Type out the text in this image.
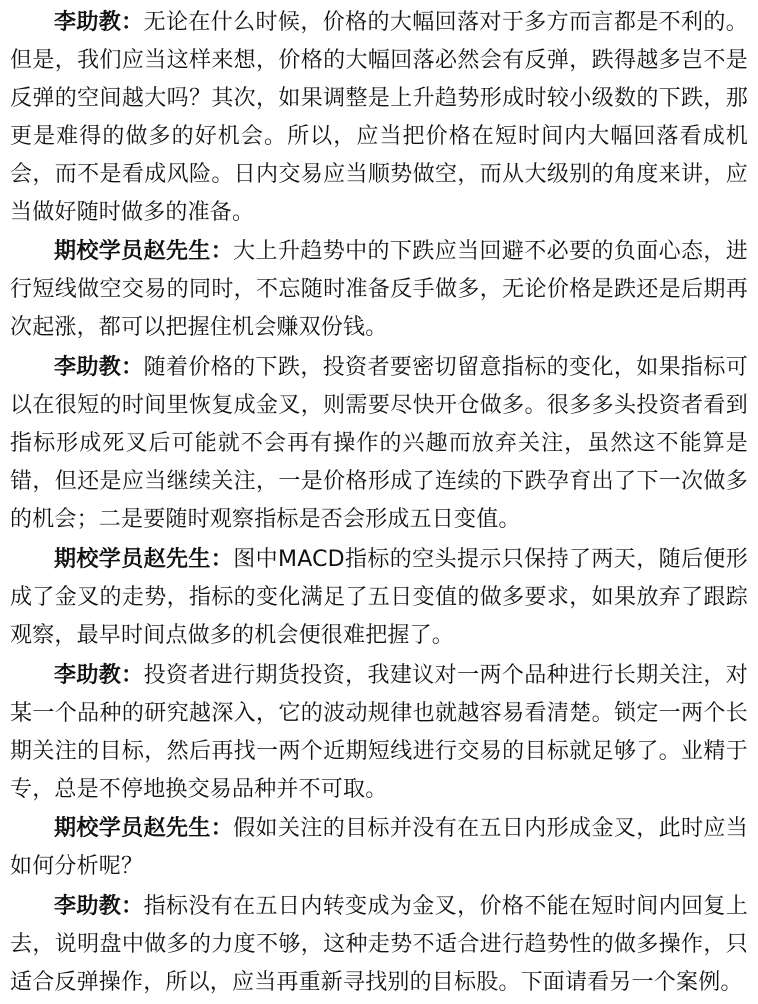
李助教：无论在什么时候，价格的大幅回落对于多方而言都是不利的。但是，我们应当这样来想，价格的大幅回落必然会有反弹，跌得越多岂不是反弹的空间越大吗？其次，如果调整是上升趋势形成时较小级数的下跌，那更是难得的做多的好机会。所以，应当把价格在短时间内大幅回落看成机会，而不是看成风险。日内交易应当顺势做空，而从大级别的角度来讲，应当做好随时做多的准备。

期校学员赵先生：大上升趋势中的下跌应当回避不必要的负面心态，进行短线做空交易的同时，不忘随时准备反手做多，无论价格是跌还是后期再次起涨，都可以把握住机会赚双份钱。

李助教：随着价格的下跌，投资者要密切留意指标的变化，如果指标可以在很短的时间里恢复成金叉，则需要尽快开仓做多。很多多头投资者看到指标形成死叉后可能就不会再有操作的兴趣而放弃关注，虽然这不能算是错，但还是应当继续关注，一是价格形成了连续的下跌孕育出了下一次做多的机会；二是要随时观察指标是否会形成五日变值。

期校学员赵先生：图中MACD指标的空头提示只保持了两天，随后便形成了金叉的走势，指标的变化满足了五日变值的做多要求，如果放弃了跟踪观察，最早时间点做多的机会便很难把握了。

李助教：投资者进行期货投资，我建议对一两个品种进行长期关注，对某一个品种的研究越深入，它的波动规律也就越容易看清楚。锁定一两个长期关注的目标，然后再找一两个近期短线进行交易的目标就足够了。业精于专，总是不停地换交易品种并不可取。

期校学员赵先生：假如关注的目标并没有在五日内形成金叉，此时应当如何分析呢？

李助教：指标没有在五日内转变成为金叉，价格不能在短时间内回复上去，说明盘中做多的力度不够，这种走势不适合进行趋势性的做多操作，只适合反弹操作，所以，应当再重新寻找别的目标股。下面请看另一个案例。
